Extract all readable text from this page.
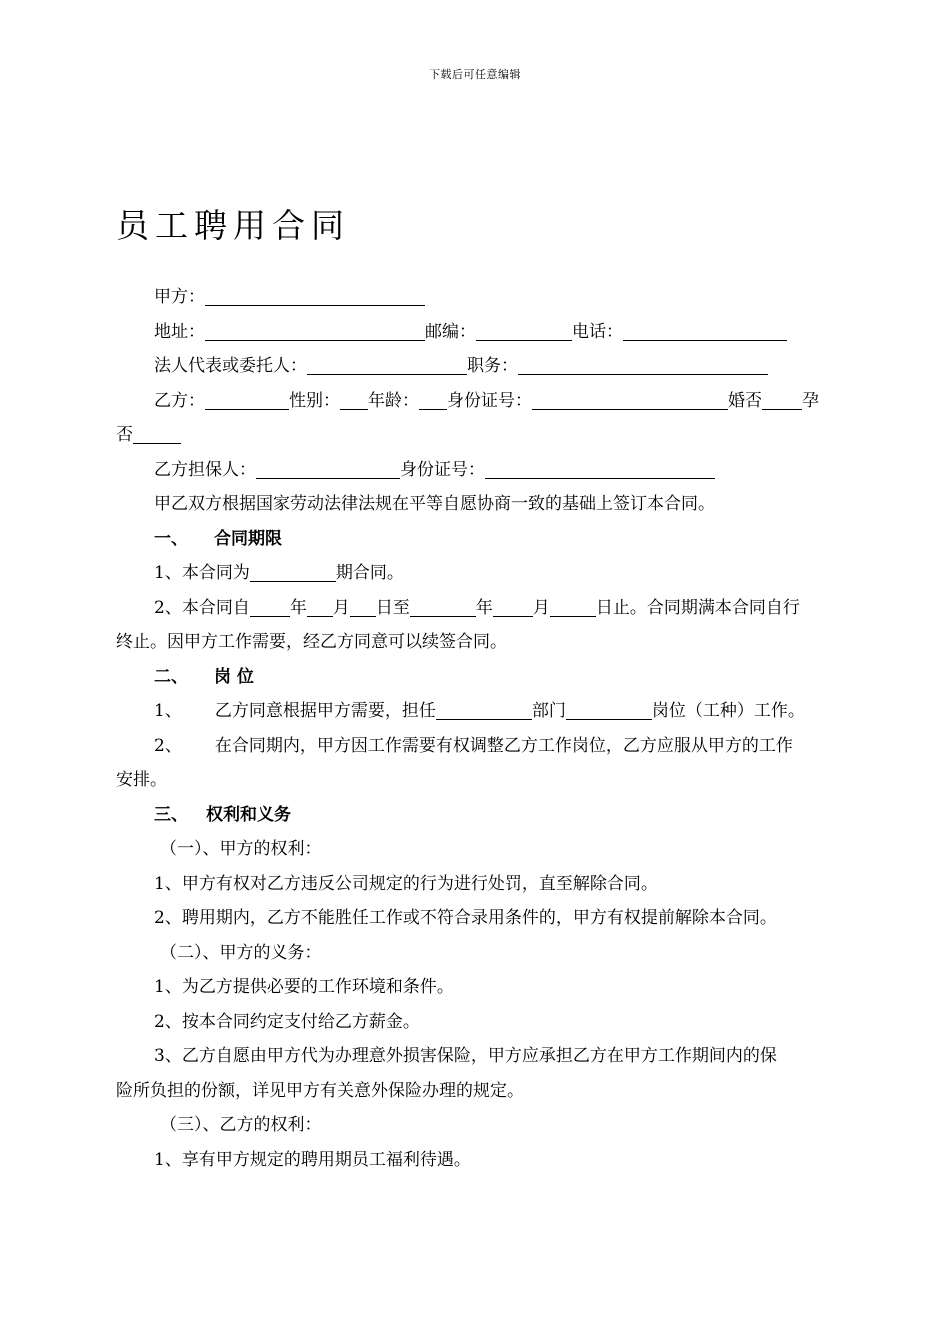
下载后可任意编辑
员工聘用合同
甲方：
地址：	邮编：	电话：
法人代表或委托人：	职务：
乙方：	性别： 年龄： 身份证号：	婚否 孕
否
乙方担保人：	身份证号：
甲乙双方根据国家劳动法律法规在平等自愿协商一致的基础上签订本合同。
一、 合同期限
1、本合同为	期合同。
2、本合同自 年 月 日至	年 月	日止。合同期满本合同自行
终止。因甲方工作需要，经乙方同意可以续签合同。
二、 岗 位
1、 乙方同意根据甲方需要，担任	部门	岗位（工种）工作。
2、 在合同期内，甲方因工作需要有权调整乙方工作岗位，乙方应服从甲方的工作
安排。
三、 权利和义务
（一）、甲方的权利：
1、甲方有权对乙方违反公司规定的行为进行处罚，直至解除合同。
2、聘用期内，乙方不能胜任工作或不符合录用条件的，甲方有权提前解除本合同。
（二）、甲方的义务：
1、为乙方提供必要的工作环境和条件。
2、按本合同约定支付给乙方薪金。
3、乙方自愿由甲方代为办理意外损害保险，甲方应承担乙方在甲方工作期间内的保
险所负担的份额，详见甲方有关意外保险办理的规定。
（三）、乙方的权利：
1、享有甲方规定的聘用期员工福利待遇。
